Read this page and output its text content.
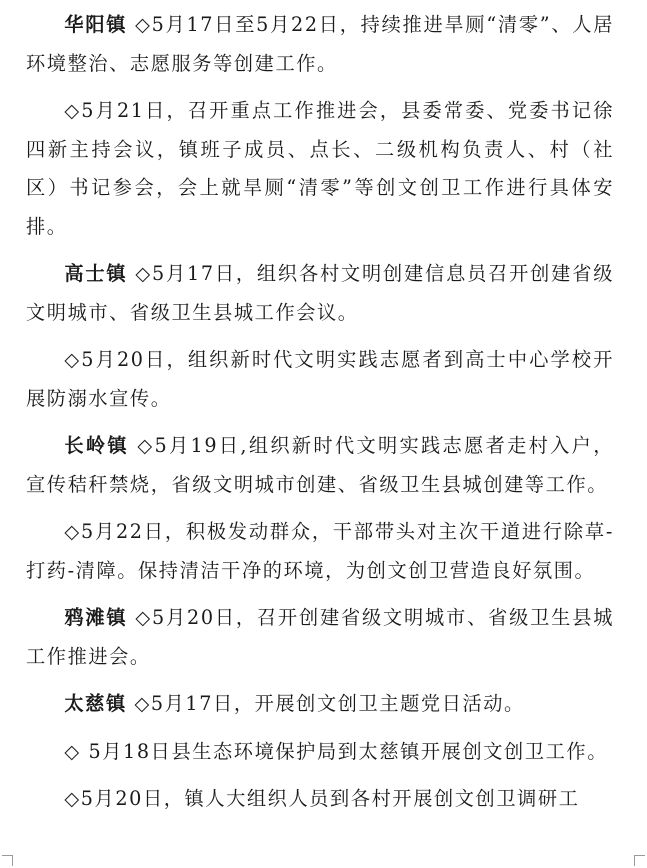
华阳镇 ◇5月17日至5月22日，持续推进旱厕“清零”、人居环境整治、志愿服务等创建工作。

◇5月21日，召开重点工作推进会，县委常委、党委书记徐四新主持会议，镇班子成员、点长、二级机构负责人、村（社区）书记参会，会上就旱厕“清零”等创文创卫工作进行具体安排。

高士镇 ◇5月17日，组织各村文明创建信息员召开创建省级文明城市、省级卫生县城工作会议。

◇5月20日，组织新时代文明实践志愿者到高士中心学校开展防溺水宣传。

长岭镇 ◇5月19日,组织新时代文明实践志愿者走村入户，宣传秸秆禁烧，省级文明城市创建、省级卫生县城创建等工作。

◇5月22日，积极发动群众，干部带头对主次干道进行除草-打药-清障。保持清洁干净的环境，为创文创卫营造良好氛围。

鸦滩镇 ◇5月20日，召开创建省级文明城市、省级卫生县城工作推进会。

太慈镇 ◇5月17日，开展创文创卫主题党日活动。

◇ 5月18日县生态环境保护局到太慈镇开展创文创卫工作。

◇5月20日，镇人大组织人员到各村开展创文创卫调研工
